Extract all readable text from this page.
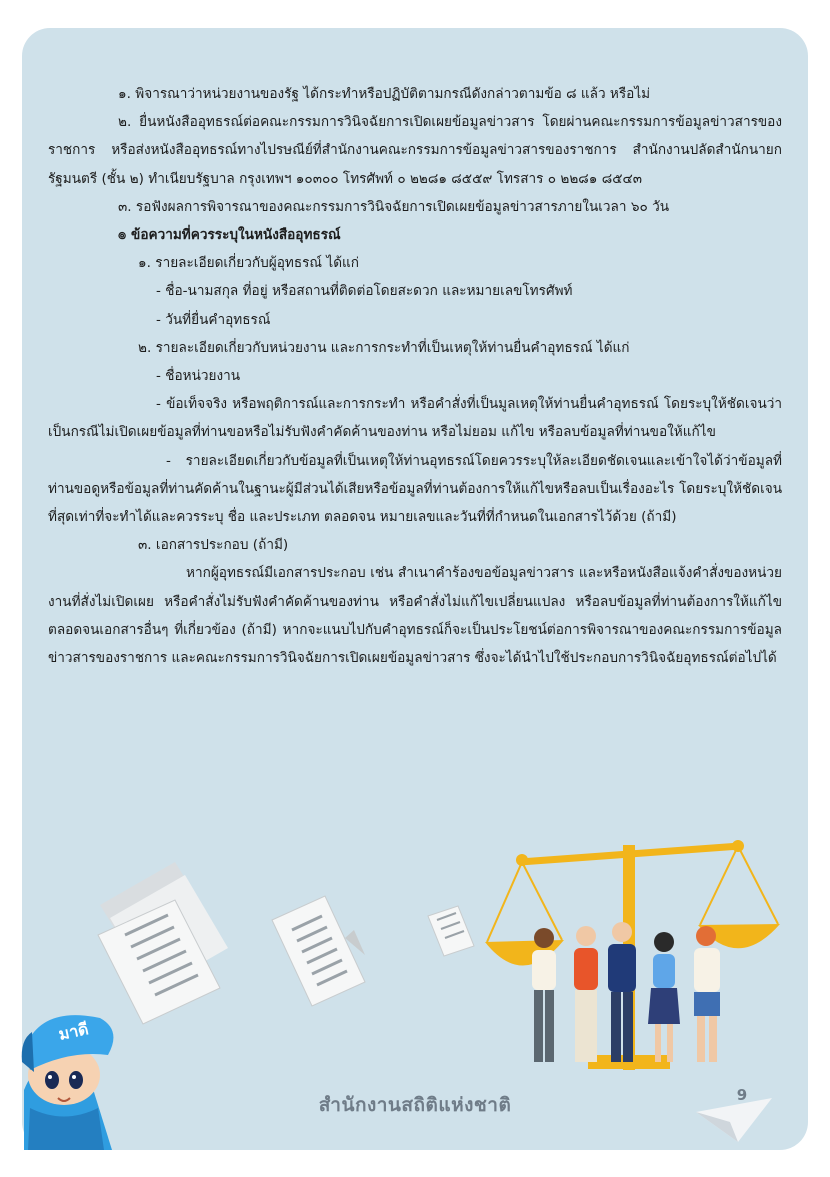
๑. พิจารณาว่าหน่วยงานของรัฐ ได้กระทำหรือปฏิบัติตามกรณีดังกล่าวตามข้อ ๘ แล้ว หรือไม่

๒. ยื่นหนังสืออุทธรณ์ต่อคณะกรรมการวินิจฉัยการเปิดเผยข้อมูลข่าวสาร โดยผ่านคณะกรรมการข้อมูลข่าวสารของราชการ หรือส่งหนังสืออุทธรณ์ทางไปรษณีย์ที่สำนักงานคณะกรรมการข้อมูลข่าวสารของราชการ สำนักงานปลัดสำนักนายกรัฐมนตรี (ชั้น ๒) ทำเนียบรัฐบาล กรุงเทพฯ ๑๐๓๐๐ โทรศัพท์ ๐ ๒๒๘๑ ๘๕๕๙ โทรสาร ๐ ๒๒๘๑ ๘๕๔๓

๓. รอฟังผลการพิจารณาของคณะกรรมการวินิจฉัยการเปิดเผยข้อมูลข่าวสารภายในเวลา ๖๐ วัน

๏ ข้อความที่ควรระบุในหนังสืออุทธรณ์

๑. รายละเอียดเกี่ยวกับผู้อุทธรณ์ ได้แก่

- ชื่อ-นามสกุล ที่อยู่ หรือสถานที่ติดต่อโดยสะดวก และหมายเลขโทรศัพท์

- วันที่ยื่นคำอุทธรณ์

๒. รายละเอียดเกี่ยวกับหน่วยงาน และการกระทำที่เป็นเหตุให้ท่านยื่นคำอุทธรณ์ ได้แก่

- ชื่อหน่วยงาน

- ข้อเท็จจริง หรือพฤติการณ์และการกระทำ หรือคำสั่งที่เป็นมูลเหตุให้ท่านยื่นคำอุทธรณ์ โดยระบุให้ชัดเจนว่าเป็นกรณีไม่เปิดเผยข้อมูลที่ท่านขอหรือไม่รับฟังคำคัดค้านของท่าน หรือไม่ยอม แก้ไข หรือลบข้อมูลที่ท่านขอให้แก้ไข

- รายละเอียดเกี่ยวกับข้อมูลที่เป็นเหตุให้ท่านอุทธรณ์โดยควรระบุให้ละเอียดชัดเจนและเข้าใจได้ว่าข้อมูลที่ท่านขอดูหรือข้อมูลที่ท่านคัดค้านในฐานะผู้มีส่วนได้เสียหรือข้อมูลที่ท่านต้องการให้แก้ไขหรือลบเป็นเรื่องอะไร โดยระบุให้ชัดเจนที่สุดเท่าที่จะทำได้และควรระบุ ชื่อ และประเภท ตลอดจน หมายเลขและวันที่ที่กำหนดในเอกสารไว้ด้วย (ถ้ามี)

๓. เอกสารประกอบ (ถ้ามี)

หากผู้อุทธรณ์มีเอกสารประกอบ เช่น สำเนาคำร้องขอข้อมูลข่าวสาร และหรือหนังสือแจ้งคำสั่งของหน่วยงานที่สั่งไม่เปิดเผย หรือคำสั่งไม่รับฟังคำคัดค้านของท่าน หรือคำสั่งไม่แก้ไขเปลี่ยนแปลง หรือลบข้อมูลที่ท่านต้องการให้แก้ไข ตลอดจนเอกสารอื่นๆ ที่เกี่ยวข้อง (ถ้ามี) หากจะแนบไปกับคำอุทธรณ์ก็จะเป็นประโยชน์ต่อการพิจารณาของคณะกรรมการข้อมูลข่าวสารของราชการ และคณะกรรมการวินิจฉัยการเปิดเผยข้อมูลข่าวสาร ซึ่งจะได้นำไปใช้ประกอบการวินิจฉัยอุทธรณ์ต่อไปได้

มาดี
สำนักงานสถิติแห่งชาติ	9
